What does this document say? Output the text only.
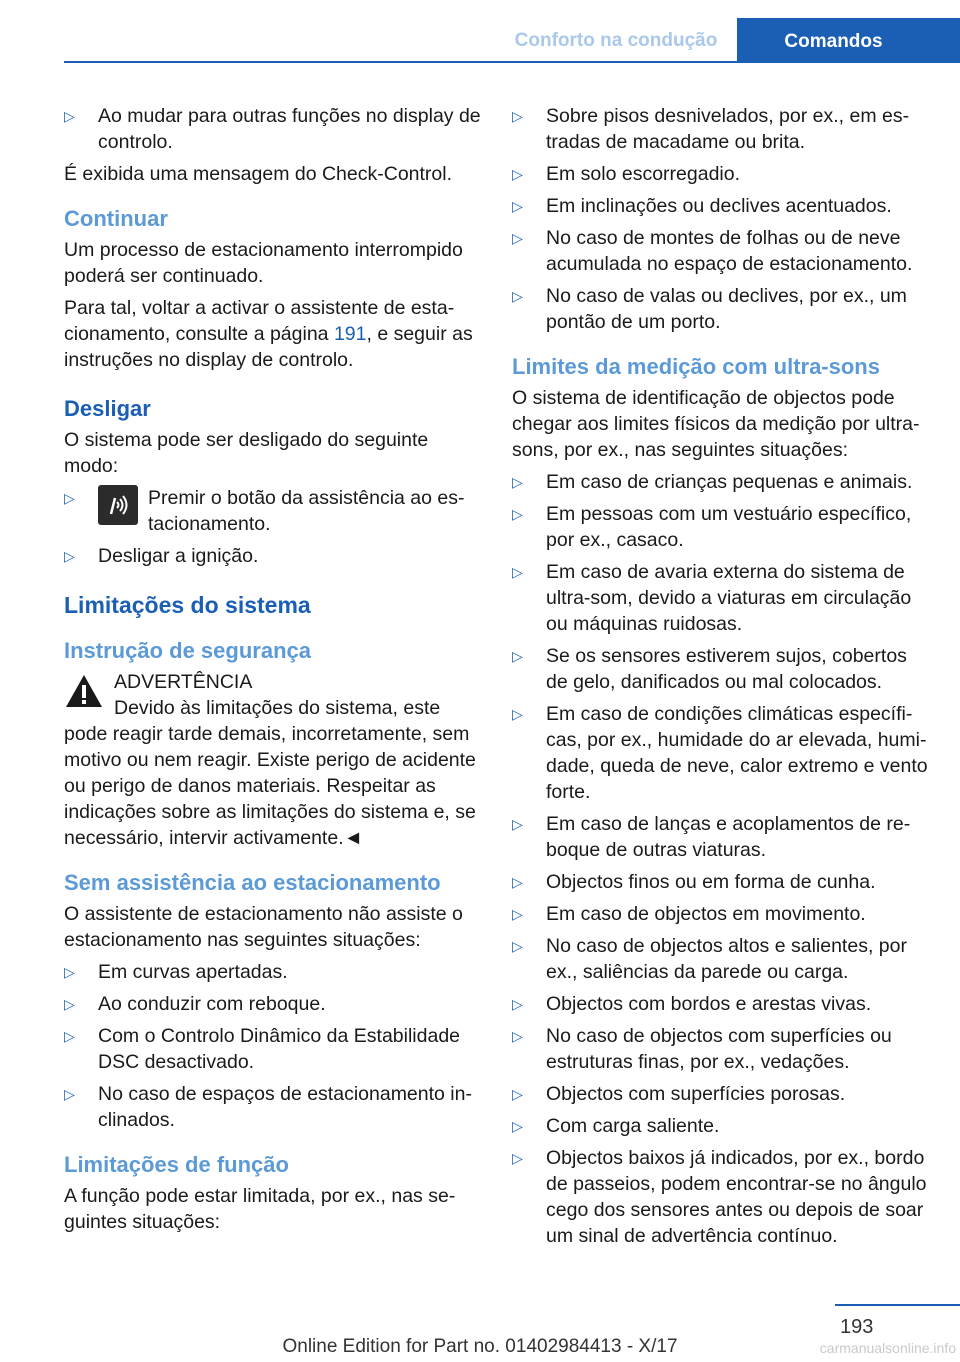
Conforto na condução	Comandos
▷	Ao mudar para outras funções no display de controlo.

É exibida uma mensagem do Check-Control.

Continuar

Um processo de estacionamento interrompido poderá ser continuado.

Para tal, voltar a activar o assistente de estacionamento, consulte a página 191, e seguir as instruções no display de controlo.

Desligar

O sistema pode ser desligado do seguinte modo:

▷	Premir o botão da assistência ao estacionamento.
▷	Desligar a ignição.
Limitações do sistema
Instrução de segurança

ADVERTÊNCIA

Devido às limitações do sistema, este

pode reagir tarde demais, incorretamente, sem motivo ou nem reagir. Existe perigo de acidente ou perigo de danos materiais. Respeitar as indicações sobre as limitações do sistema e, se necessário, intervir activamente.◄

Sem assistência ao estacionamento

O assistente de estacionamento não assiste o estacionamento nas seguintes situações:

▷	Em curvas apertadas.
▷	Ao conduzir com reboque.
▷	Com o Controlo Dinâmico da Estabilidade DSC desactivado.
▷	No caso de espaços de estacionamento inclinados.
Limitações de função

A função pode estar limitada, por ex., nas seguintes situações:

▷	Sobre pisos desnivelados, por ex., em estradas de macadame ou brita.
▷	Em solo escorregadio.
▷	Em inclinações ou declives acentuados.
▷	No caso de montes de folhas ou de neve acumulada no espaço de estacionamento.
▷	No caso de valas ou declives, por ex., um pontão de um porto.
Limites da medição com ultra-sons

O sistema de identificação de objectos pode chegar aos limites físicos da medição por ultra-sons, por ex., nas seguintes situações:

▷	Em caso de crianças pequenas e animais.
▷	Em pessoas com um vestuário específico, por ex., casaco.
▷	Em caso de avaria externa do sistema de ultra-som, devido a viaturas em circulação ou máquinas ruidosas.
▷	Se os sensores estiverem sujos, cobertos de gelo, danificados ou mal colocados.
▷	Em caso de condições climáticas específicas, por ex., humidade do ar elevada, humidade, queda de neve, calor extremo e vento forte.
▷	Em caso de lanças e acoplamentos de reboque de outras viaturas.
▷	Objectos finos ou em forma de cunha.
▷	Em caso de objectos em movimento.
▷	No caso de objectos altos e salientes, por ex., saliências da parede ou carga.
▷	Objectos com bordos e arestas vivas.
▷	No caso de objectos com superfícies ou estruturas finas, por ex., vedações.
▷	Objectos com superfícies porosas.
▷	Com carga saliente.
▷	Objectos baixos já indicados, por ex., bordo de passeios, podem encontrar-se no ângulo cego dos sensores antes ou depois de soar um sinal de advertência contínuo.
193
Online Edition for Part no. 01402984413 - X/17	carmanualsonline.info
